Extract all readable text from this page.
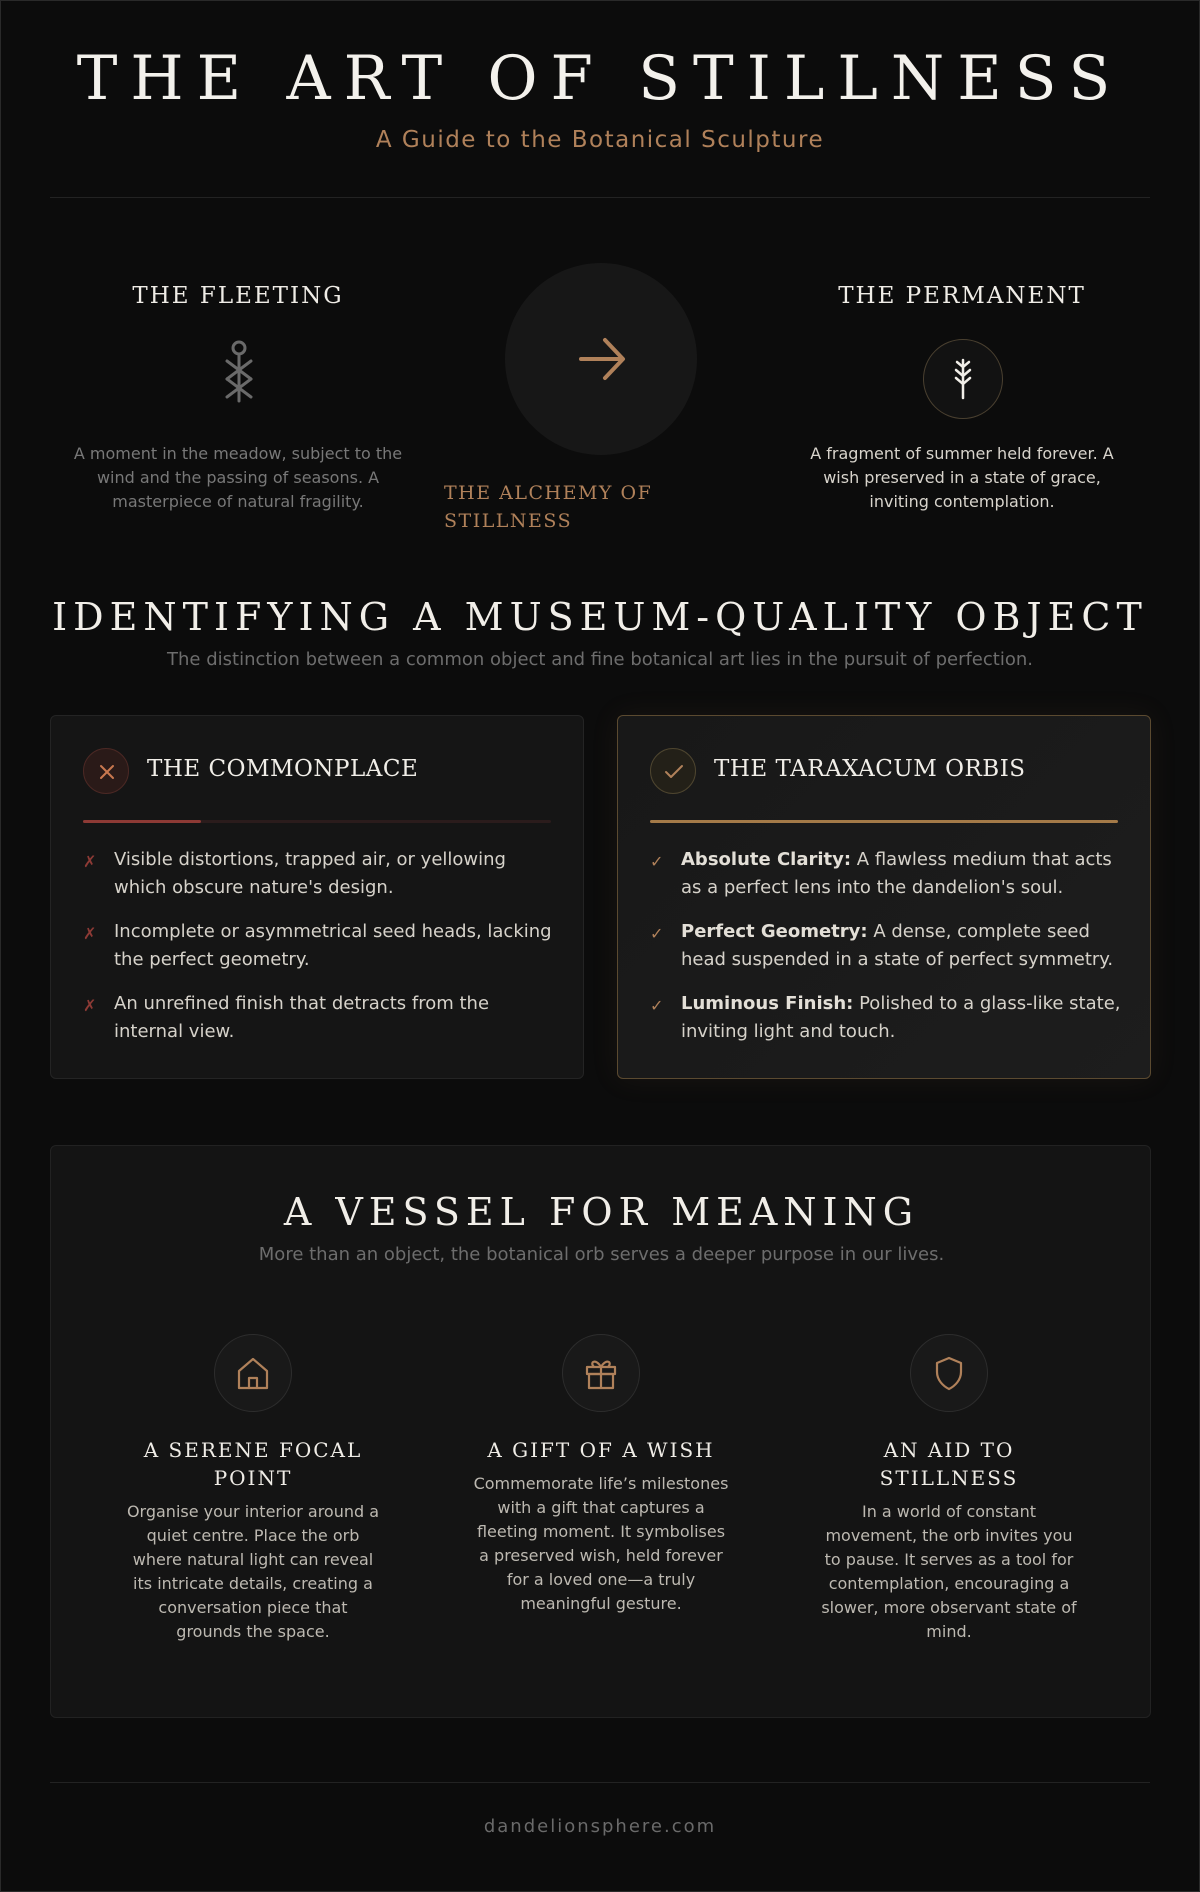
THE ART OF STILLNESS
A Guide to the Botanical Sculpture
THE FLEETING
A moment in the meadow, subject to the wind and the passing of seasons. A masterpiece of natural fragility.	THE ALCHEMY OF STILLNESS
THE PERMANENT
A fragment of summer held forever. A wish preserved in a state of grace, inviting contemplation.
IDENTIFYING A MUSEUM-QUALITY OBJECT
The distinction between a common object and fine botanical art lies in the pursuit of perfection.
THE COMMONPLACE
✗ Visible distortions, trapped air, or yellowing which obscure nature's design.
✗ Incomplete or asymmetrical seed heads, lacking the perfect geometry.
✗ An unrefined finish that detracts from the internal view.
THE TARAXACUM ORBIS
✓ Absolute Clarity: A flawless medium that acts as a perfect lens into the dandelion's soul.
✓ Perfect Geometry: A dense, complete seed head suspended in a state of perfect symmetry.
✓ Luminous Finish: Polished to a glass-like state, inviting light and touch.
A VESSEL FOR MEANING
More than an object, the botanical orb serves a deeper purpose in our lives.
A SERENE FOCAL POINT
Organise your interior around a quiet centre. Place the orb where natural light can reveal its intricate details, creating a conversation piece that grounds the space.
A GIFT OF A WISH
Commemorate life’s milestones with a gift that captures a fleeting moment. It symbolises a preserved wish, held forever for a loved one—a truly meaningful gesture.
AN AID TO STILLNESS
In a world of constant movement, the orb invites you to pause. It serves as a tool for contemplation, encouraging a slower, more observant state of mind.
dandelionsphere.com
